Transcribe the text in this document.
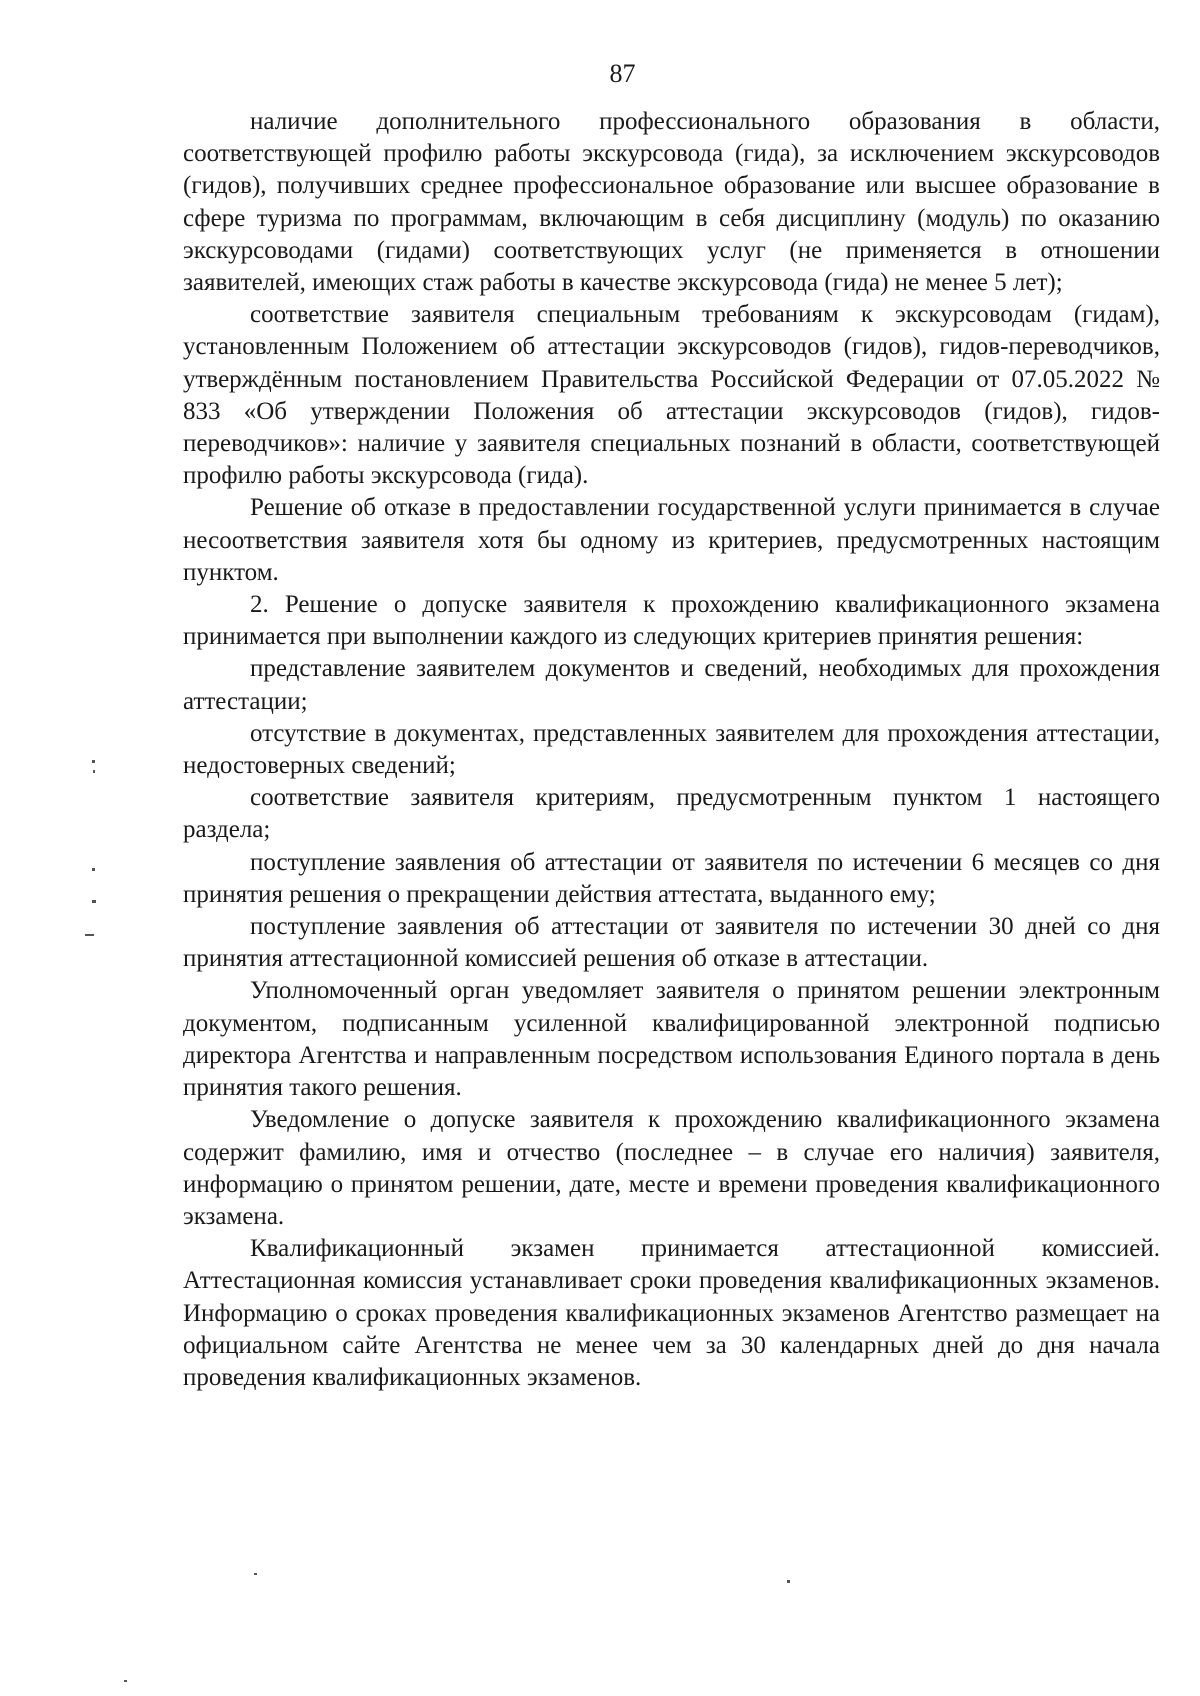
87

наличие дополнительного профессионального образования в области, соответствующей профилю работы экскурсовода (гида), за исключением экскурсоводов (гидов), получивших среднее профессиональное образование или высшее образование в сфере туризма по программам, включающим в себя дисциплину (модуль) по оказанию экскурсоводами (гидами) соответствующих услуг (не применяется в отношении заявителей, имеющих стаж работы в качестве экскурсовода (гида) не менее 5 лет);

соответствие заявителя специальным требованиям к экскурсоводам (гидам), установленным Положением об аттестации экскурсоводов (гидов), гидов-переводчиков, утверждённым постановлением Правительства Российской Федерации от 07.05.2022 № 833 «Об утверждении Положения об аттестации экскурсоводов (гидов), гидов-переводчиков»: наличие у заявителя специальных познаний в области, соответствующей профилю работы экскурсовода (гида).

Решение об отказе в предоставлении государственной услуги принимается в случае несоответствия заявителя хотя бы одному из критериев, предусмотренных настоящим пунктом.

2. Решение о допуске заявителя к прохождению квалификационного экзамена принимается при выполнении каждого из следующих критериев принятия решения:

представление заявителем документов и сведений, необходимых для прохождения аттестации;

отсутствие в документах, представленных заявителем для прохождения аттестации, недостоверных сведений;

соответствие заявителя критериям, предусмотренным пунктом 1 настоящего раздела;

поступление заявления об аттестации от заявителя по истечении 6 месяцев со дня принятия решения о прекращении действия аттестата, выданного ему;

поступление заявления об аттестации от заявителя по истечении 30 дней со дня принятия аттестационной комиссией решения об отказе в аттестации.

Уполномоченный орган уведомляет заявителя о принятом решении электронным документом, подписанным усиленной квалифицированной электронной подписью директора Агентства и направленным посредством использования Единого портала в день принятия такого решения.

Уведомление о допуске заявителя к прохождению квалификационного экзамена содержит фамилию, имя и отчество (последнее – в случае его наличия) заявителя, информацию о принятом решении, дате, месте и времени проведения квалификационного экзамена.

Квалификационный экзамен принимается аттестационной комиссией. Аттестационная комиссия устанавливает сроки проведения квалификационных экзаменов. Информацию о сроках проведения квалификационных экзаменов Агентство размещает на официальном сайте Агентства не менее чем за 30 календарных дней до дня начала проведения квалификационных экзаменов.
